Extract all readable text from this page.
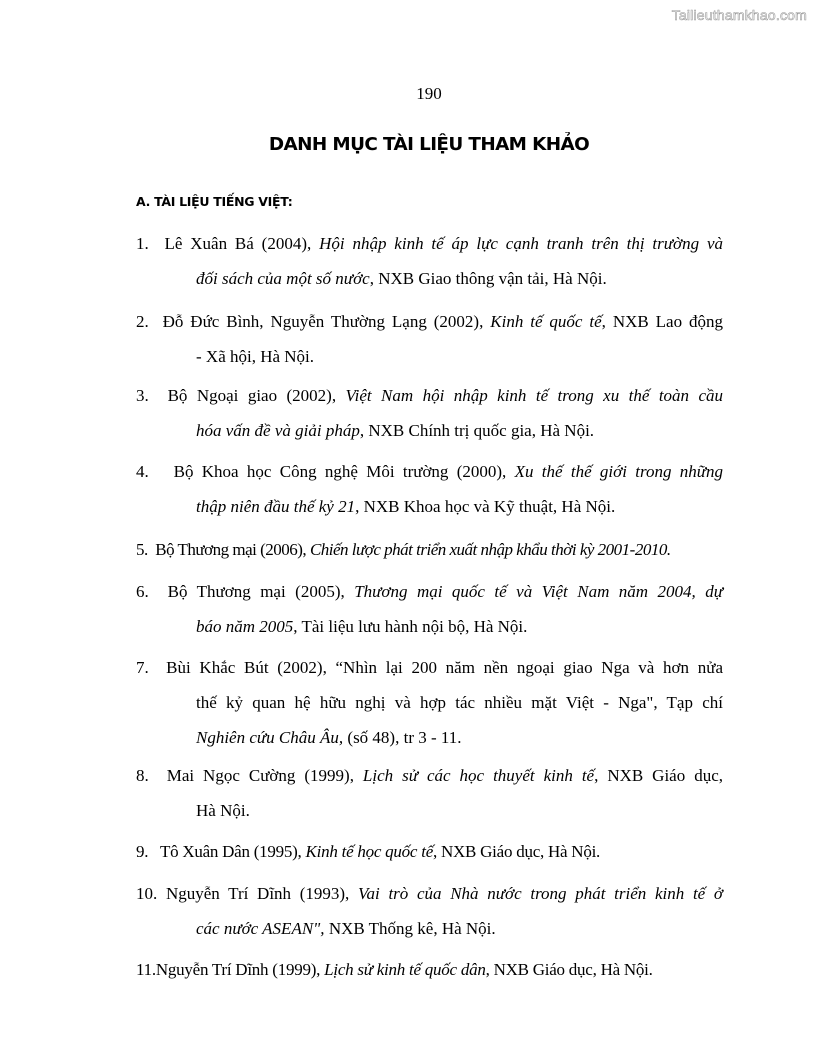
Tailieuthamkhao.com
190
DANH MỤC TÀI LIỆU THAM KHẢO
A. TÀI LIỆU TIẾNG VIỆT:
1. Lê Xuân Bá (2004), Hội nhập kinh tế áp lực cạnh tranh trên thị trường và
đối sách của một số nước, NXB Giao thông vận tải, Hà Nội.
2. Đỗ Đức Bình, Nguyễn Thường Lạng (2002), Kinh tế quốc tế, NXB Lao động
- Xã hội, Hà Nội.
3. Bộ Ngoại giao (2002), Việt Nam hội nhập kinh tế trong xu thế toàn cầu
hóa vấn đề và giải pháp, NXB Chính trị quốc gia, Hà Nội.
4.   Bộ Khoa học Công nghệ Môi trường (2000), Xu thế thế giới trong những
thập niên đầu thế kỷ 21, NXB Khoa học và Kỹ thuật, Hà Nội.
5. Bộ Thương mại (2006), Chiến lược phát triển xuất nhập khẩu thời kỳ 2001-2010.
6. Bộ Thương mại (2005), Thương mại quốc tế và Việt Nam năm 2004, dự
báo năm 2005, Tài liệu lưu hành nội bộ, Hà Nội.
7. Bùi Khắc Bút (2002), “Nhìn lại 200 năm nền ngoại giao Nga và hơn nửa
thế kỷ quan hệ hữu nghị và hợp tác nhiều mặt Việt - Nga", Tạp chí
Nghiên cứu Châu Âu, (số 48), tr 3 - 11.
8. Mai Ngọc Cường (1999), Lịch sử các học thuyết kinh tế, NXB Giáo dục,
Hà Nội.
9.   Tô Xuân Dân (1995), Kinh tế học quốc tế, NXB Giáo dục, Hà Nội.
10. Nguyễn Trí Dĩnh (1993), Vai trò của Nhà nước trong phát triển kinh tế ở
các nước ASEAN", NXB Thống kê, Hà Nội.
11.Nguyễn Trí Dĩnh (1999), Lịch sử kinh tế quốc dân, NXB Giáo dục, Hà Nội.
